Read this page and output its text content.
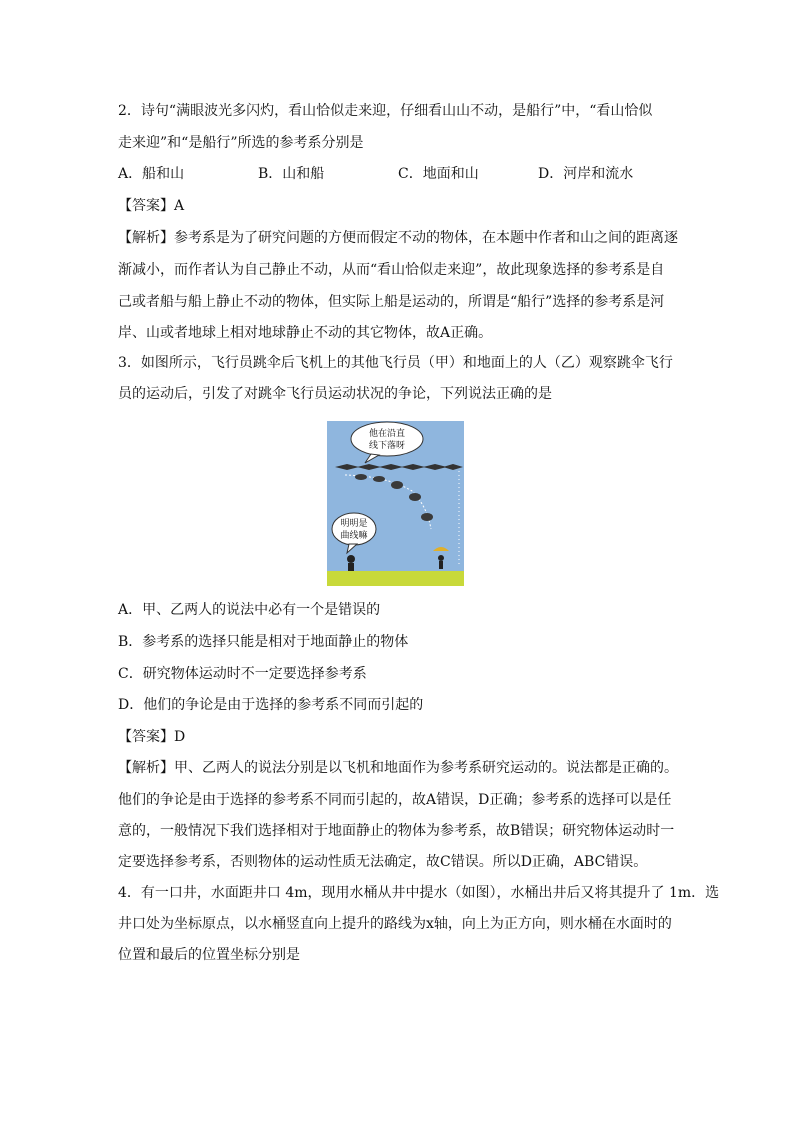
2．诗句“满眼波光多闪灼，看山恰似走来迎，仔细看山山不动，是船行”中，“看山恰似
走来迎”和“是船行”所选的参考系分别是
A．船和山	B．山和船	C．地面和山	D．河岸和流水
【答案】A
【解析】参考系是为了研究问题的方便而假定不动的物体，在本题中作者和山之间的距离逐
渐减小，而作者认为自己静止不动，从而“看山恰似走来迎”，故此现象选择的参考系是自
己或者船与船上静止不动的物体，但实际上船是运动的，所谓是“船行”选择的参考系是河
岸、山或者地球上相对地球静止不动的其它物体，故A正确。
3．如图所示，飞行员跳伞后飞机上的其他飞行员（甲）和地面上的人（乙）观察跳伞飞行
员的运动后，引发了对跳伞飞行员运动状况的争论，下列说法正确的是
他在沿直
线下落呀
明明是
曲线嘛
A．甲、乙两人的说法中必有一个是错误的
B．参考系的选择只能是相对于地面静止的物体
C．研究物体运动时不一定要选择参考系
D．他们的争论是由于选择的参考系不同而引起的
【答案】D
【解析】甲、乙两人的说法分别是以飞机和地面作为参考系研究运动的。说法都是正确的。
他们的争论是由于选择的参考系不同而引起的，故A错误，D正确；参考系的选择可以是任
意的，一般情况下我们选择相对于地面静止的物体为参考系，故B错误；研究物体运动时一
定要选择参考系，否则物体的运动性质无法确定，故C错误。所以D正确，ABC错误。
4．有一口井，水面距井口 4m，现用水桶从井中提水（如图），水桶出井后又将其提升了 1m．选
井口处为坐标原点，以水桶竖直向上提升的路线为x轴，向上为正方向，则水桶在水面时的
位置和最后的位置坐标分别是
